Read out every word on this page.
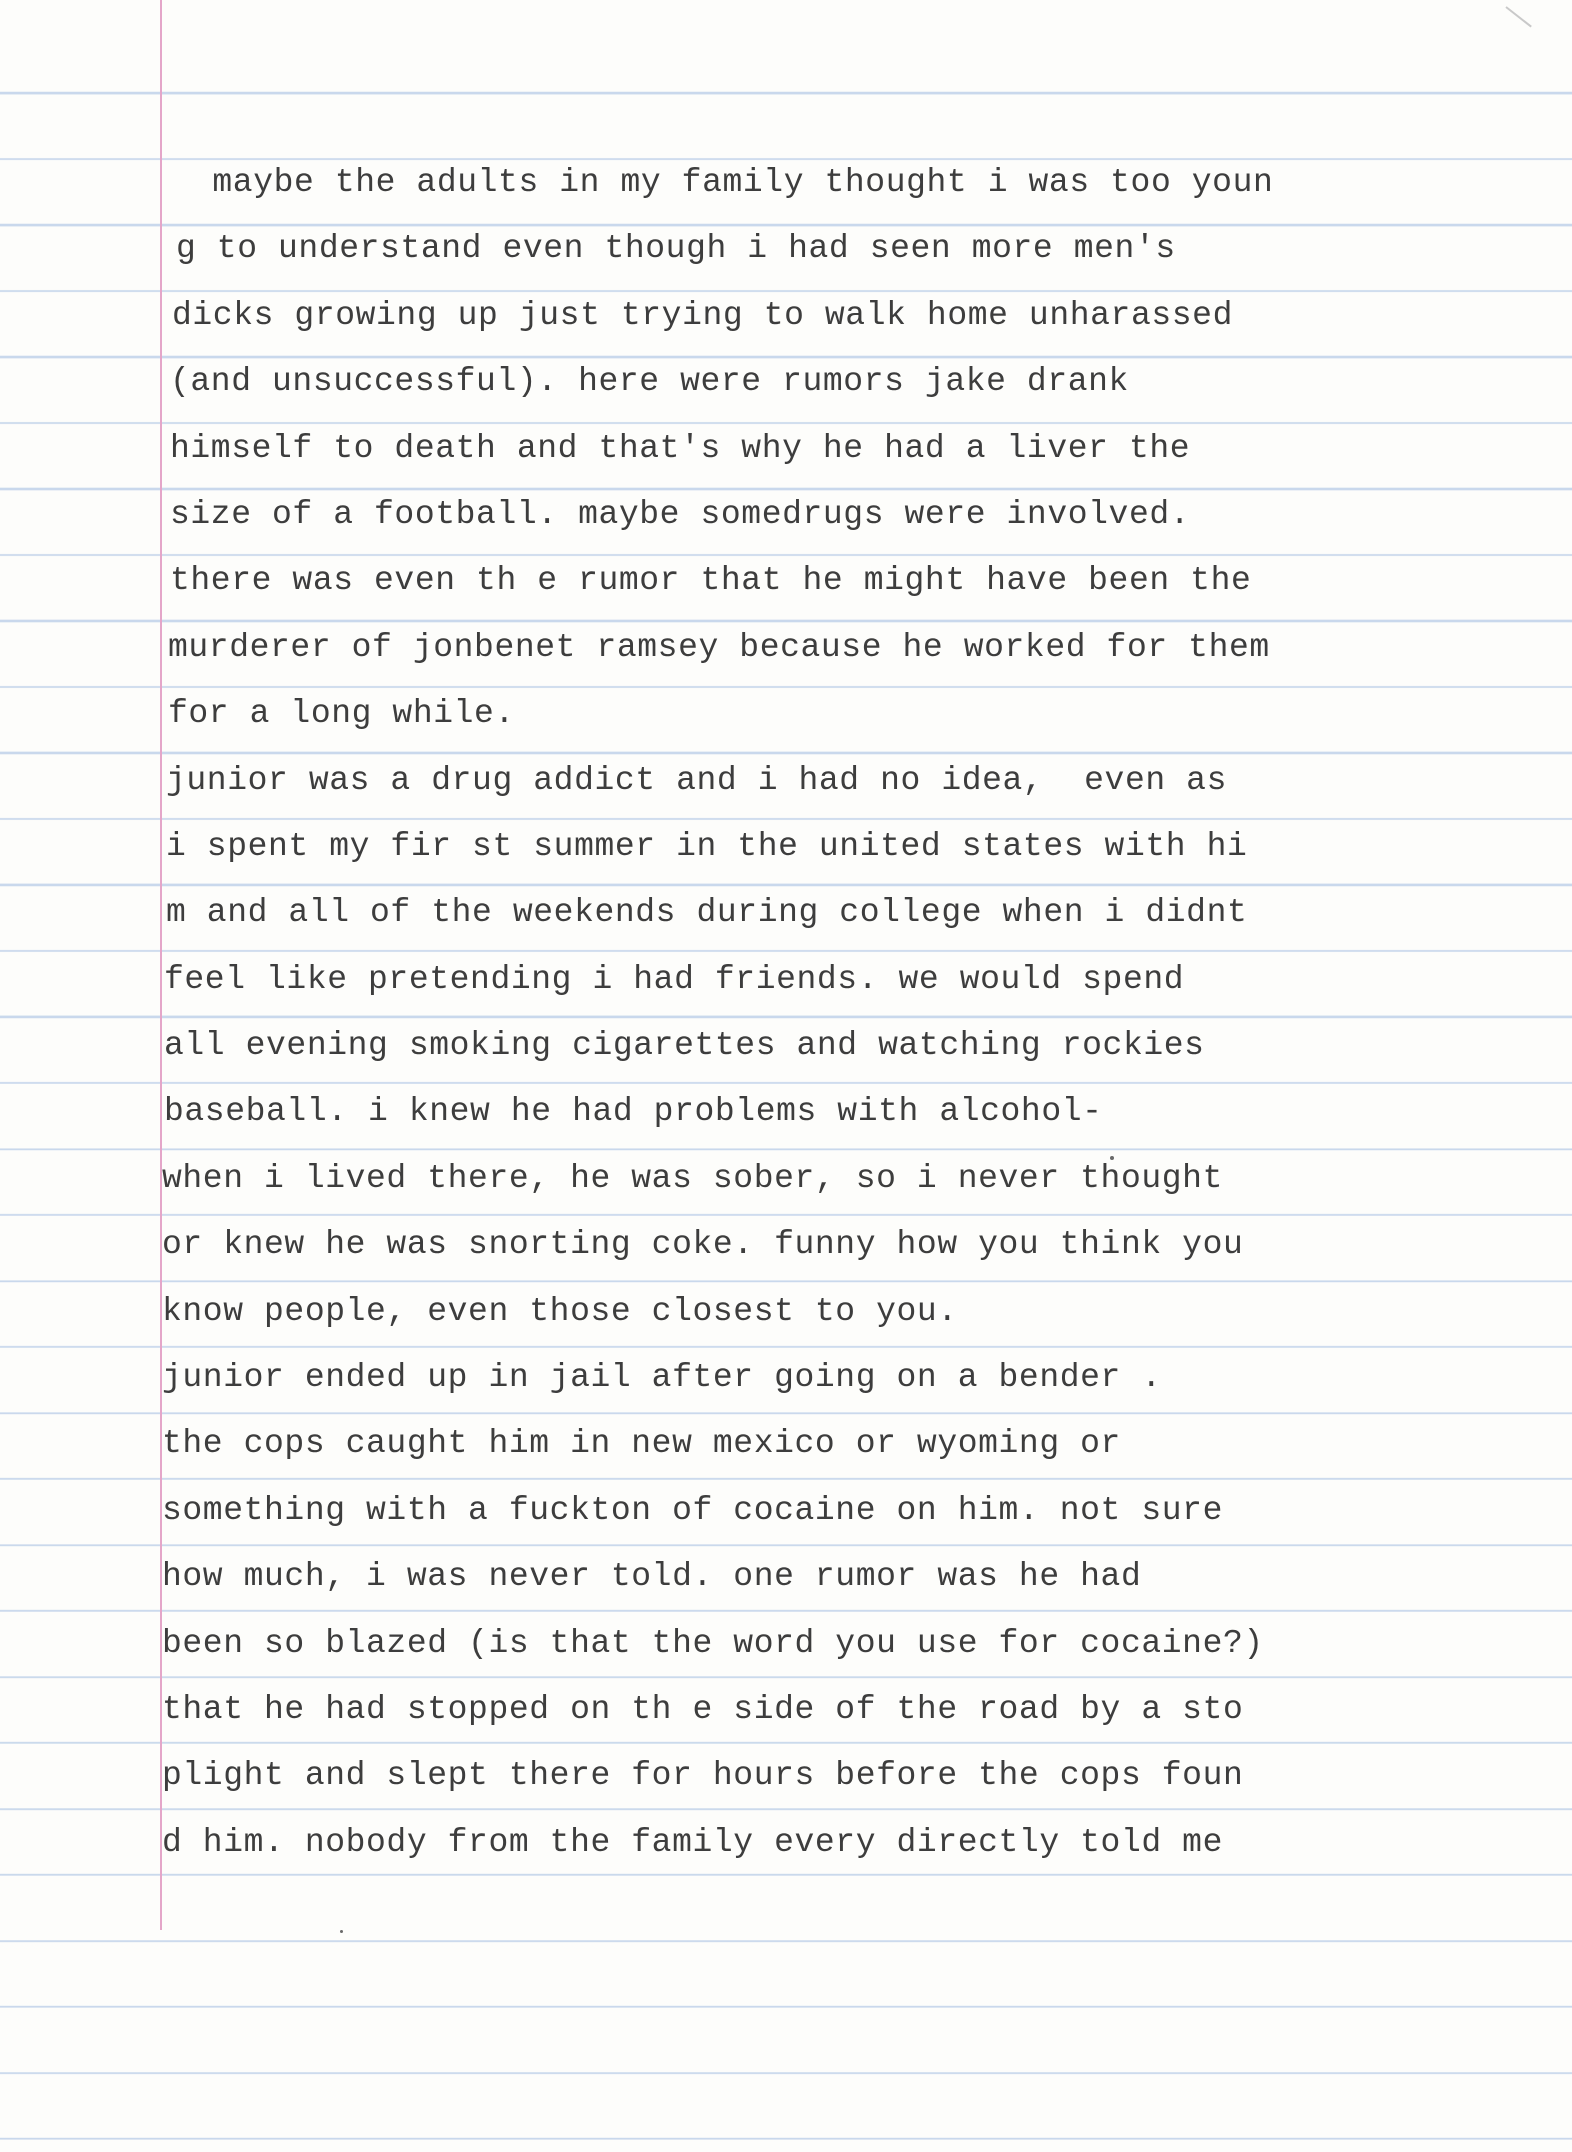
maybe the adults in my family thought i was too youn
g to understand even though i had seen more men's
dicks growing up just trying to walk home unharassed
(and unsuccessful). here were rumors jake drank
himself to death and that's why he had a liver the
size of a football. maybe somedrugs were involved.
there was even th e rumor that he might have been the
murderer of jonbenet ramsey because he worked for them
for a long while.
junior was a drug addict and i had no idea,  even as
i spent my fir st summer in the united states with hi
m and all of the weekends during college when i didnt
feel like pretending i had friends. we would spend
all evening smoking cigarettes and watching rockies
baseball. i knew he had problems with alcohol-
when i lived there, he was sober, so i never thought
or knew he was snorting coke. funny how you think you
know people, even those closest to you.
junior ended up in jail after going on a bender .
the cops caught him in new mexico or wyoming or
something with a fuckton of cocaine on him. not sure
how much, i was never told. one rumor was he had
been so blazed (is that the word you use for cocaine?)
that he had stopped on th e side of the road by a sto
plight and slept there for hours before the cops foun
d him. nobody from the family every directly told me
